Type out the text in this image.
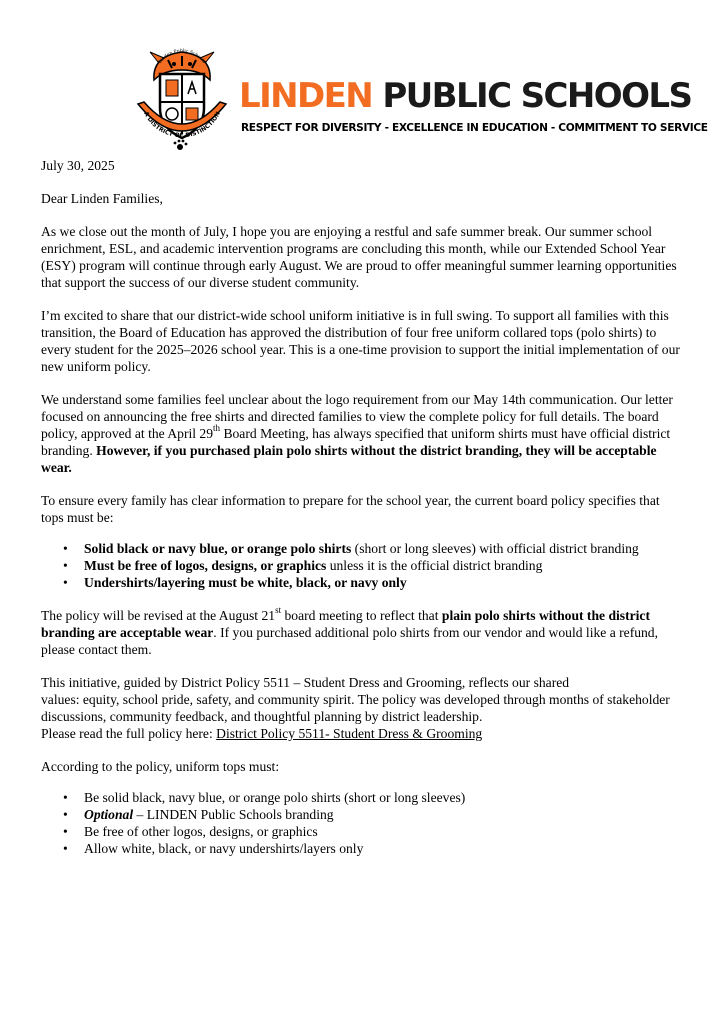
Linden Public Schools
A DISTRICT OF DISTINCTION LINDEN PUBLIC SCHOOLS
RESPECT FOR DIVERSITY - EXCELLENCE IN EDUCATION - COMMITMENT TO SERVICE

July 30, 2025

Dear Linden Families,

As we close out the month of July, I hope you are enjoying a restful and safe summer break. Our summer school enrichment, ESL, and academic intervention programs are concluding this month, while our Extended School Year (ESY) program will continue through early August. We are proud to offer meaningful summer learning opportunities that support the success of our diverse student community.

I’m excited to share that our district-wide school uniform initiative is in full swing. To support all families with this transition, the Board of Education has approved the distribution of four free uniform collared tops (polo shirts) to every student for the 2025–2026 school year. This is a one-time provision to support the initial implementation of our new uniform policy.

We understand some families feel unclear about the logo requirement from our May 14th communication. Our letter focused on announcing the free shirts and directed families to view the complete policy for full details. The board policy, approved at the April 29th Board Meeting, has always specified that uniform shirts must have official district branding. However, if you purchased plain polo shirts without the district branding, they will be acceptable wear.

To ensure every family has clear information to prepare for the school year, the current board policy specifies that tops must be:

• Solid black or navy blue, or orange polo shirts (short or long sleeves) with official district branding
• Must be free of logos, designs, or graphics unless it is the official district branding
• Undershirts/layering must be white, black, or navy only

The policy will be revised at the August 21st board meeting to reflect that plain polo shirts without the district branding are acceptable wear. If you purchased additional polo shirts from our vendor and would like a refund, please contact them.

This initiative, guided by District Policy 5511 – Student Dress and Grooming, reflects our shared
values: equity, school pride, safety, and community spirit. The policy was developed through months of stakeholder discussions, community feedback, and thoughtful planning by district leadership.
Please read the full policy here: District Policy 5511- Student Dress & Grooming

According to the policy, uniform tops must:

• Be solid black, navy blue, or orange polo shirts (short or long sleeves)
• Optional – LINDEN Public Schools branding
• Be free of other logos, designs, or graphics
• Allow white, black, or navy undershirts/layers only
